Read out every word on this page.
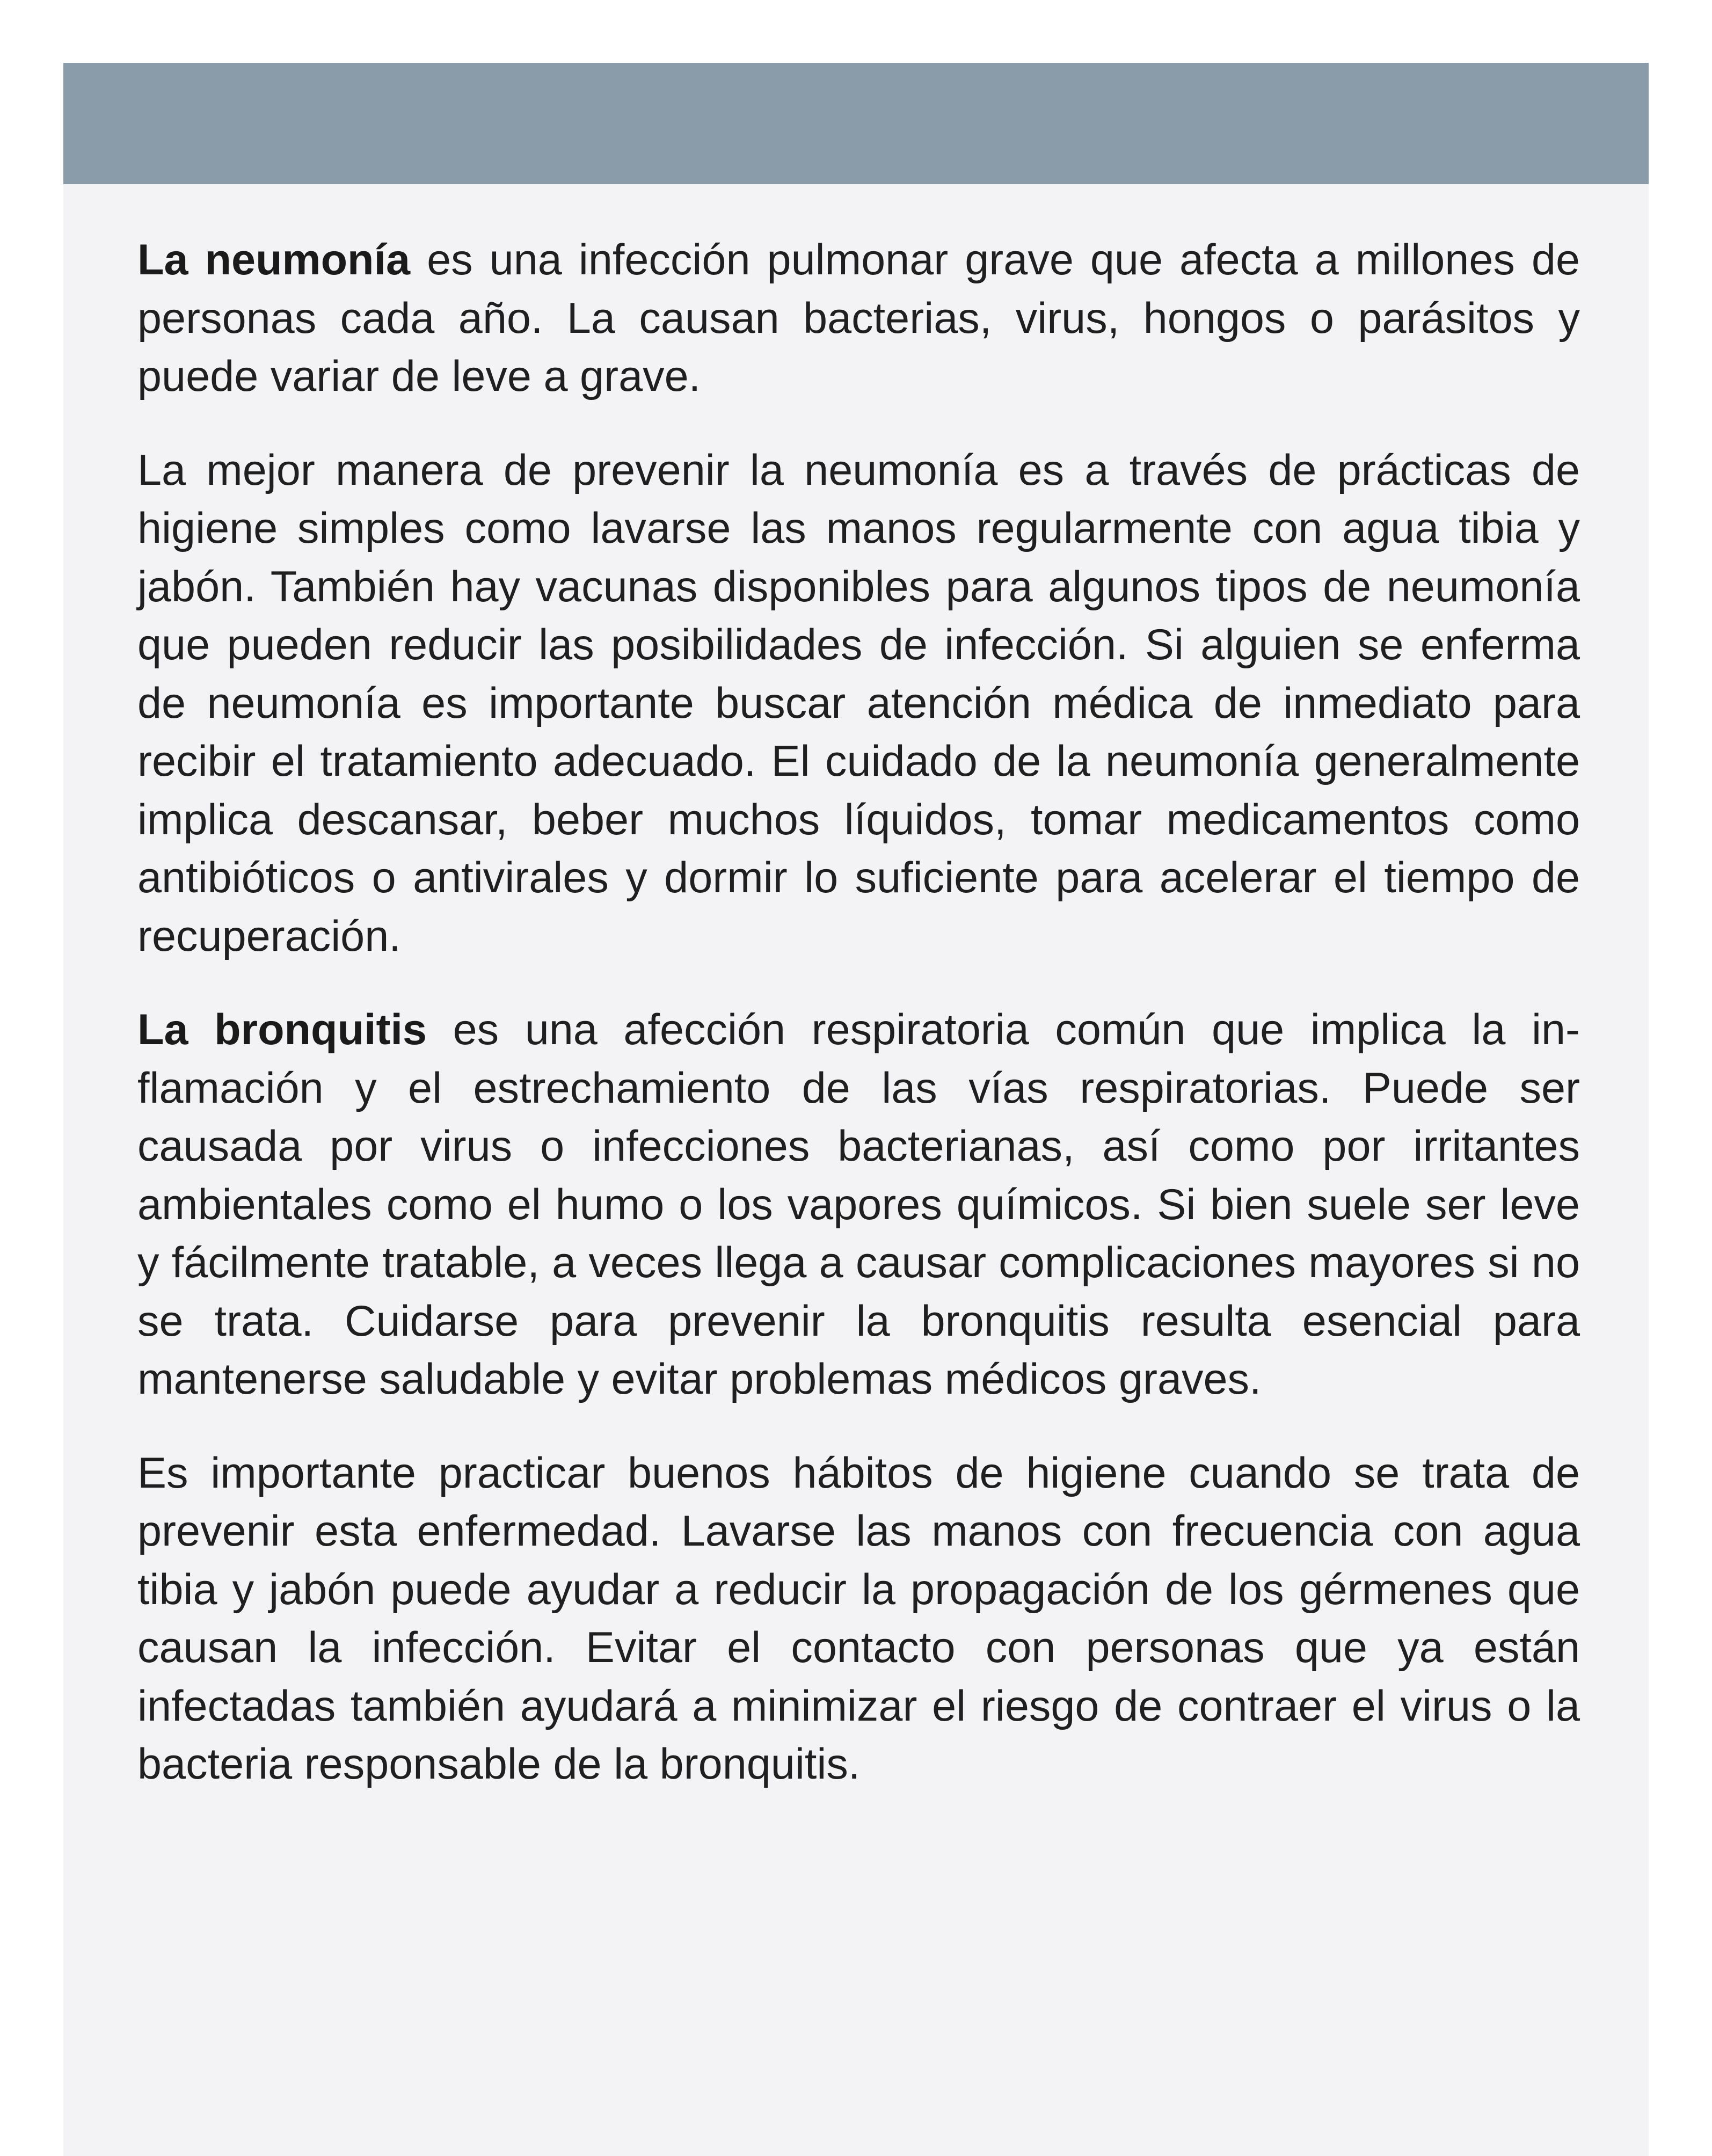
La neumonía es una infección pulmonar grave que afecta a millones de personas cada año. La causan bacterias, virus, hongos o parásitos y puede variar de leve a grave.

La mejor manera de prevenir la neumonía es a través de prácticas de higiene simples como lavarse las manos regularmente con agua tibia y jabón. También hay vacunas disponibles para algunos tipos de neumonía que pueden reducir las posibilidades de infección. Si alguien se enferma de neumonía es importante buscar atención médica de inmediato para recibir el tratamiento adecuado. El cuidado de la neumonía generalmente implica descansar, beber muchos líquidos, tomar medicamentos como antibióticos o antivirales y dormir lo suficiente para acelerar el tiempo de recuperación.

La bronquitis es una afección respiratoria común que implica la inflamación y el estrechamiento de las vías respiratorias. Puede ser causada por virus o infecciones bacterianas, así como por irritantes ambientales como el humo o los vapores químicos. Si bien suele ser leve y fácilmente tratable, a veces llega a causar complicaciones mayores si no se trata. Cuidarse para prevenir la bronquitis resulta esencial para mantenerse saludable y evitar problemas médicos graves.

Es importante practicar buenos hábitos de higiene cuando se trata de prevenir esta enfermedad. Lavarse las manos con frecuencia con agua tibia y jabón puede ayudar a reducir la propagación de los gérmenes que causan la infección. Evitar el contacto con personas que ya están infectadas también ayudará a minimizar el riesgo de contraer el virus o la bacteria responsable de la bronquitis.
